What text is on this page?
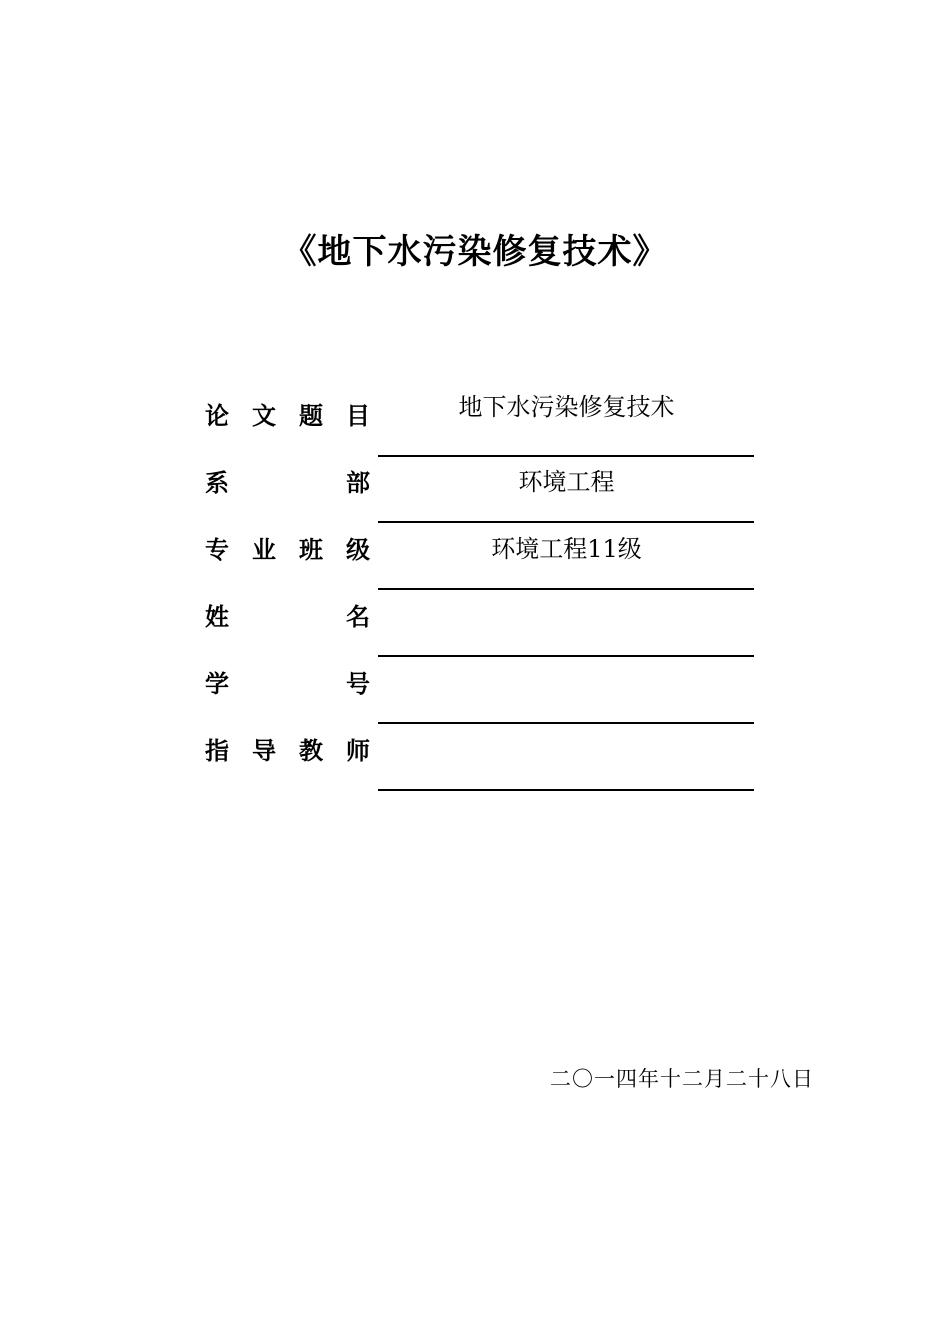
《地下水污染修复技术》
论 文 题 目	地下水污染修复技术
系	部	环境工程
专 业 班 级	环境工程11级
姓	名
学	号
指 导 教 师
二〇一四年十二月二十八日
